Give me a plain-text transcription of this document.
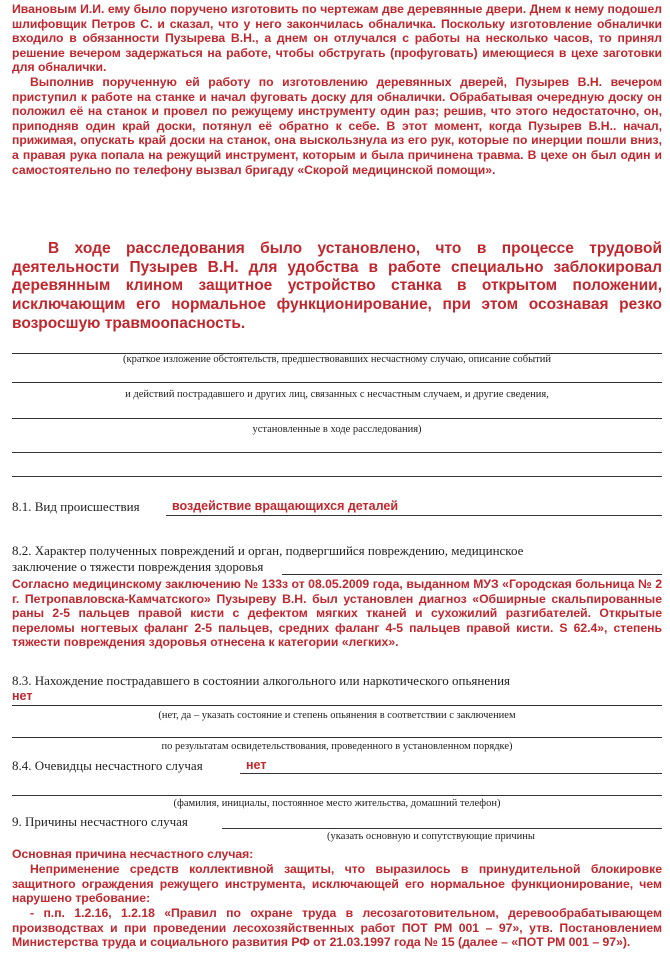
Ивановым И.И. ему было поручено изготовить по чертежам две деревянные двери. Днем к нему подошел шлифовщик Петров С. и сказал, что у него закончилась обналичка. Поскольку изготовление обналички входило в обязанности Пузырева В.Н., а днем он отлучался с работы на несколько часов, то принял решение вечером задержаться на работе, чтобы обстругать (профуговать) имеющиеся в цехе заготовки для обналички.
Выполнив порученную ей работу по изготовлению деревянных дверей, Пузырев В.Н. вечером приступил к работе на станке и начал фуговать доску для обналички. Обрабатывая очередную доску он положил её на станок и провел по режущему инструменту один раз; решив, что этого недостаточно, он, приподняв один край доски, потянул её обратно к себе. В этот момент, когда Пузырев В.Н.. начал, прижимая, опускать край доски на станок, она выскользнула из его рук, которые по инерции пошли вниз, а правая рука попала на режущий инструмент, которым и была причинена травма. В цехе он был один и самостоятельно по телефону вызвал бригаду «Скорой медицинской помощи».
В ходе расследования было установлено, что в процессе трудовой деятельности Пузырев В.Н. для удобства в работе специально заблокировал деревянным клином защитное устройство станка в открытом положении, исключающим его нормальное функционирование, при этом осознавая резко возросшую травмоопасность.
(краткое изложение обстоятельств, предшествовавших несчастному случаю, описание событий
и действий пострадавшего и других лиц, связанных с несчастным случаем, и другие сведения,
установленные в ходе расследования)
8.1. Вид происшествия	воздействие вращающихся деталей
8.2. Характер полученных повреждений и орган, подвергшийся повреждению, медицинское
заключение о тяжести повреждения здоровья
Согласно медицинскому заключению № 133з от 08.05.2009 года, выданном МУЗ «Городская больница № 2 г. Петропавловска-Камчатского» Пузыреву В.Н. был установлен диагноз «Обширные скальпированные раны 2-5 пальцев правой кисти с дефектом мягких тканей и сухожилий разгибателей. Открытые переломы ногтевых фаланг 2-5 пальцев, средних фаланг 4-5 пальцев правой кисти. S 62.4», степень тяжести повреждения здоровья отнесена к категории «легких».
8.3. Нахождение пострадавшего в состоянии алкогольного или наркотического опьянения
нет
(нет, да – указать состояние и степень опьянения в соответствии с заключением
по результатам освидетельствования, проведенного в установленном порядке)
8.4. Очевидцы несчастного случая	нет
(фамилия, инициалы, постоянное место жительства, домашний телефон)
9. Причины несчастного случая
(указать основную и сопутствующие причины
Основная причина несчастного случая:
Неприменение средств коллективной защиты, что выразилось в принудительной блокировке защитного ограждения режущего инструмента, исключающей его нормальное функционирование, чем нарушено требование:
- п.п. 1.2.16, 1.2.18 «Правил по охране труда в лесозаготовительном, деревообрабатывающем производствах и при проведении лесохозяйственных работ ПОТ РМ 001 – 97», утв. Постановлением Министерства труда и социального развития РФ от 21.03.1997 года № 15 (далее – «ПОТ РМ 001 – 97»).
